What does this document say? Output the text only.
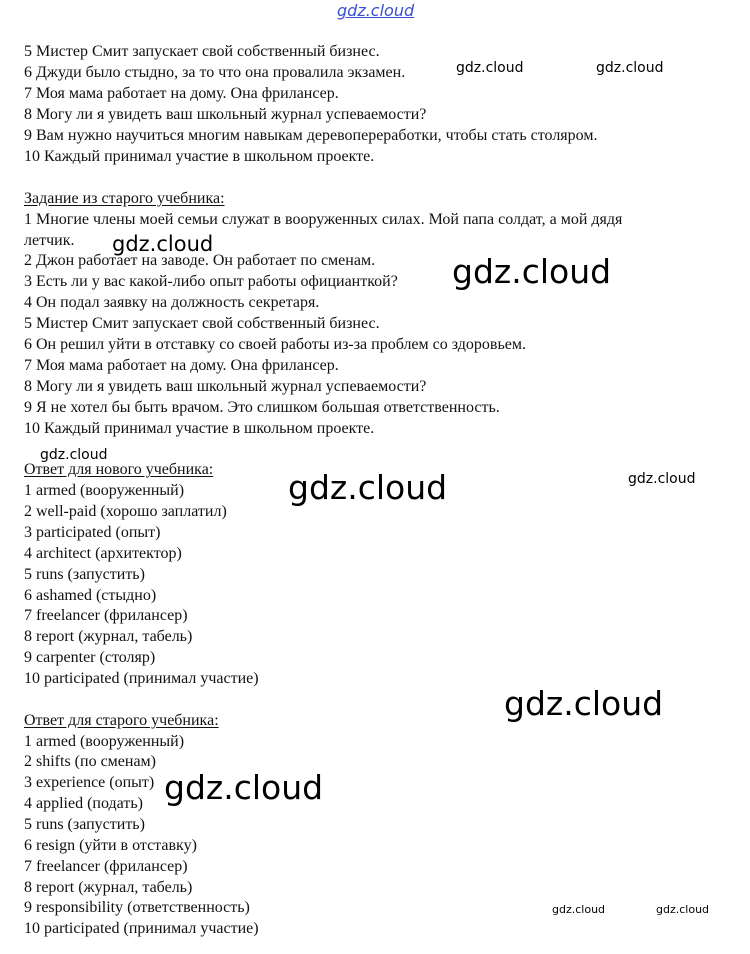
5 Мистер Смит запускает свой собственный бизнес.
6 Джуди было стыдно, за то что она провалила экзамен.
7 Моя мама работает на дому. Она фрилансер.
8 Могу ли я увидеть ваш школьный журнал успеваемости?
9 Вам нужно научиться многим навыкам деревопереработки, чтобы стать столяром.
10 Каждый принимал участие в школьном проекте.
Задание из старого учебника:
1 Многие члены моей семьи служат в вооруженных силах. Мой папа солдат, а мой дядя
летчик.
2 Джон работает на заводе. Он работает по сменам.
3 Есть ли у вас какой-либо опыт работы официанткой?
4 Он подал заявку на должность секретаря.
5 Мистер Смит запускает свой собственный бизнес.
6 Он решил уйти в отставку со своей работы из-за проблем со здоровьем.
7 Моя мама работает на дому. Она фрилансер.
8 Могу ли я увидеть ваш школьный журнал успеваемости?
9 Я не хотел бы быть врачом. Это слишком большая ответственность.
10 Каждый принимал участие в школьном проекте.
Ответ для нового учебника:
1 armed (вооруженный)
2 well-paid (хорошо заплатил)
3 participated (опыт)
4 architect (архитектор)
5 runs (запустить)
6 ashamed (стыдно)
7 freelancer (фрилансер)
8 report (журнал, табель)
9 carpenter (столяр)
10 participated (принимал участие)
Ответ для старого учебника:
1 armed (вооруженный)
2 shifts (по сменам)
3 experience (опыт)
4 applied (подать)
5 runs (запустить)
6 resign (уйти в отставку)
7 freelancer (фрилансер)
8 report (журнал, табель)
9 responsibility (ответственность)
10 participated (принимал участие)
gdz.cloud
gdz.cloud	gdz.cloud
gdz.cloud
gdz.cloud
gdz.cloud
gdz.cloud	gdz.cloud
gdz.cloud
gdz.cloud
gdz.cloud	gdz.cloud
